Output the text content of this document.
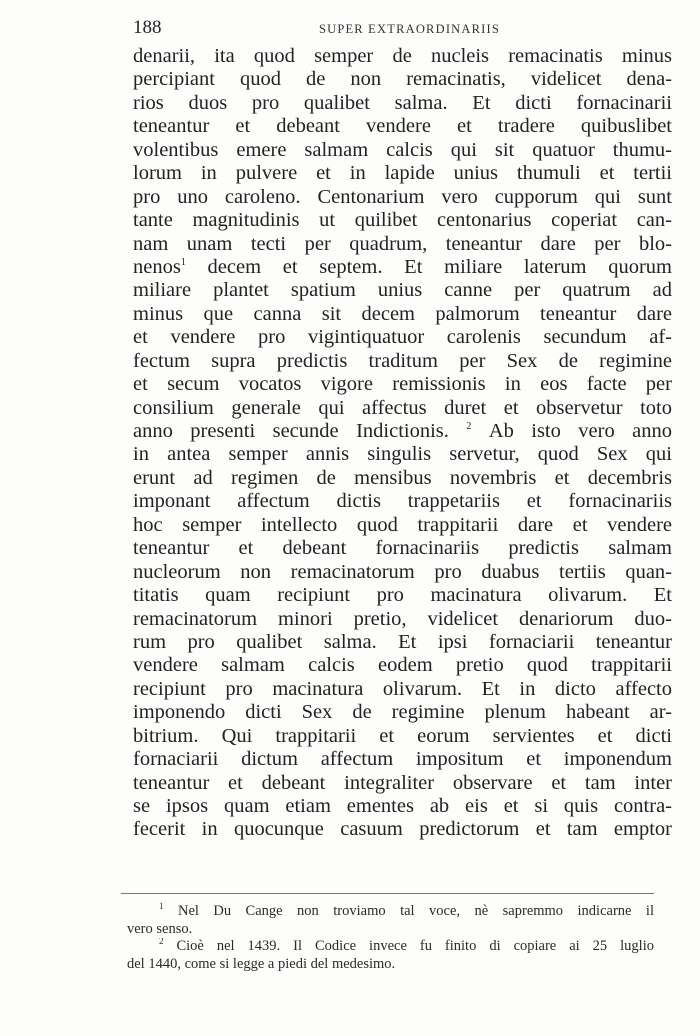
188	SUPER EXTRAORDINARIIS
denarii, ita quod semper de nucleis remacinatis minus
percipiant quod de non remacinatis, videlicet dena-
rios duos pro qualibet salma. Et dicti fornacinarii
teneantur et debeant vendere et tradere quibuslibet
volentibus emere salmam calcis qui sit quatuor thumu-
lorum in pulvere et in lapide unius thumuli et tertii
pro uno caroleno. Centonarium vero cupporum qui sunt
tante magnitudinis ut quilibet centonarius coperiat can-
nam unam tecti per quadrum, teneantur dare per blo-
nenos$^1$ decem et septem. Et miliare laterum quorum
miliare plantet spatium unius canne per quatrum ad
minus que canna sit decem palmorum teneantur dare
et vendere pro vigintiquatuor carolenis secundum af-
fectum supra predictis traditum per Sex de regimine
et secum vocatos vigore remissionis in eos facte per
consilium generale qui affectus duret et observetur toto
anno presenti secunde Indictionis. $^2$ Ab isto vero anno
in antea semper annis singulis servetur, quod Sex qui
erunt ad regimen de mensibus novembris et decembris
imponant affectum dictis trappetariis et fornacinariis
hoc semper intellecto quod trappitarii dare et vendere
teneantur et debeant fornacinariis predictis salmam
nucleorum non remacinatorum pro duabus tertiis quan-
titatis quam recipiunt pro macinatura olivarum. Et
remacinatorum minori pretio, videlicet denariorum duo-
rum pro qualibet salma. Et ipsi fornaciarii teneantur
vendere salmam calcis eodem pretio quod trappitarii
recipiunt pro macinatura olivarum. Et in dicto affecto
imponendo dicti Sex de regimine plenum habeant ar-
bitrium. Qui trappitarii et eorum servientes et dicti
fornaciarii dictum affectum impositum et imponendum
teneantur et debeant integraliter observare et tam inter
se ipsos quam etiam ementes ab eis et si quis contra-
fecerit in quocunque casuum predictorum et tam emptor
$^1$ Nel Du Cange non troviamo tal voce, nè sapremmo indicarne il
vero senso.
$^2$ Cioè nel 1439. Il Codice invece fu finito di copiare ai 25 luglio
del 1440, come si legge a piedi del medesimo.
